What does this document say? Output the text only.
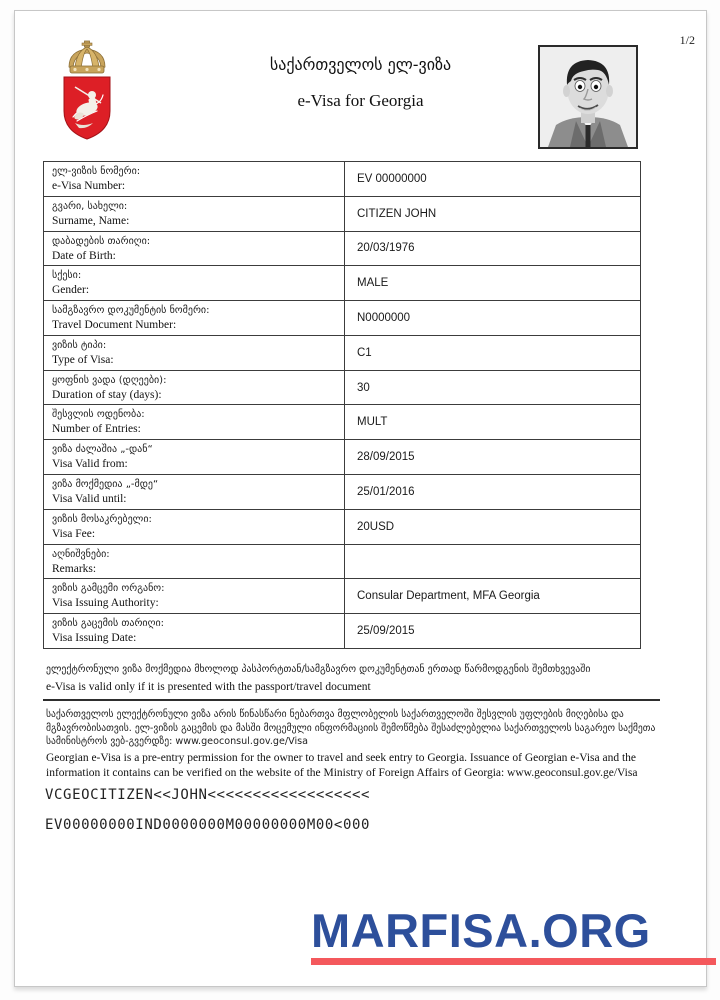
საქართველოს ელ-ვიზა
e-Visa for Georgia
1/2
ელ-ვიზის ნომერი:
e-Visa Number:
EV 00000000
გვარი, სახელი:
Surname, Name:
CITIZEN JOHN
დაბადების თარიღი:
Date of Birth:
20/03/1976
სქესი:
Gender:
MALE
სამგზავრო დოკუმენტის ნომერი:
Travel Document Number:
N0000000
ვიზის ტიპი:
Type of Visa:
C1
ყოფნის ვადა (დღეები):
Duration of stay (days):
30
შესვლის ოდენობა:
Number of Entries:
MULT
ვიზა ძალაშია „-დან“
Visa Valid from:
28/09/2015
ვიზა მოქმედია „-მდე“
Visa Valid until:
25/01/2016
ვიზის მოსაკრებელი:
Visa Fee:
20USD
აღნიშვნები:
Remarks:
ვიზის გამცემი ორგანო:
Visa Issuing Authority:
Consular Department, MFA Georgia
ვიზის გაცემის თარიღი:
Visa Issuing Date:
25/09/2015
ელექტრონული ვიზა მოქმედია მხოლოდ პასპორტთან/სამგზავრო დოკუმენტთან ერთად წარმოდგენის შემთხვევაში
e-Visa is valid only if it is presented with the passport/travel document
საქართველოს ელექტრონული ვიზა არის წინასწარი ნებართვა მფლობელის საქართველოში შესვლის უფლების მიღებისა და მგზავრობისათვის. ელ-ვიზის გაცემის და მასში მოცემული ინფორმაციის შემოწმება შესაძლებელია საქართველოს საგარეო საქმეთა სამინისტროს ვებ-გვერდზე: www.geoconsul.gov.ge/Visa
Georgian e-Visa is a pre-entry permission for the owner to travel and seek entry to Georgia. Issuance of Georgian e-Visa and the information it contains can be verified on the website of the Ministry of Foreign Affairs of Georgia: www.geoconsul.gov.ge/Visa
VCGEOCITIZEN<<JOHN<<<<<<<<<<<<<<<<<<
EV00000000IND0000000M00000000M00<000
MARFISA.ORG
